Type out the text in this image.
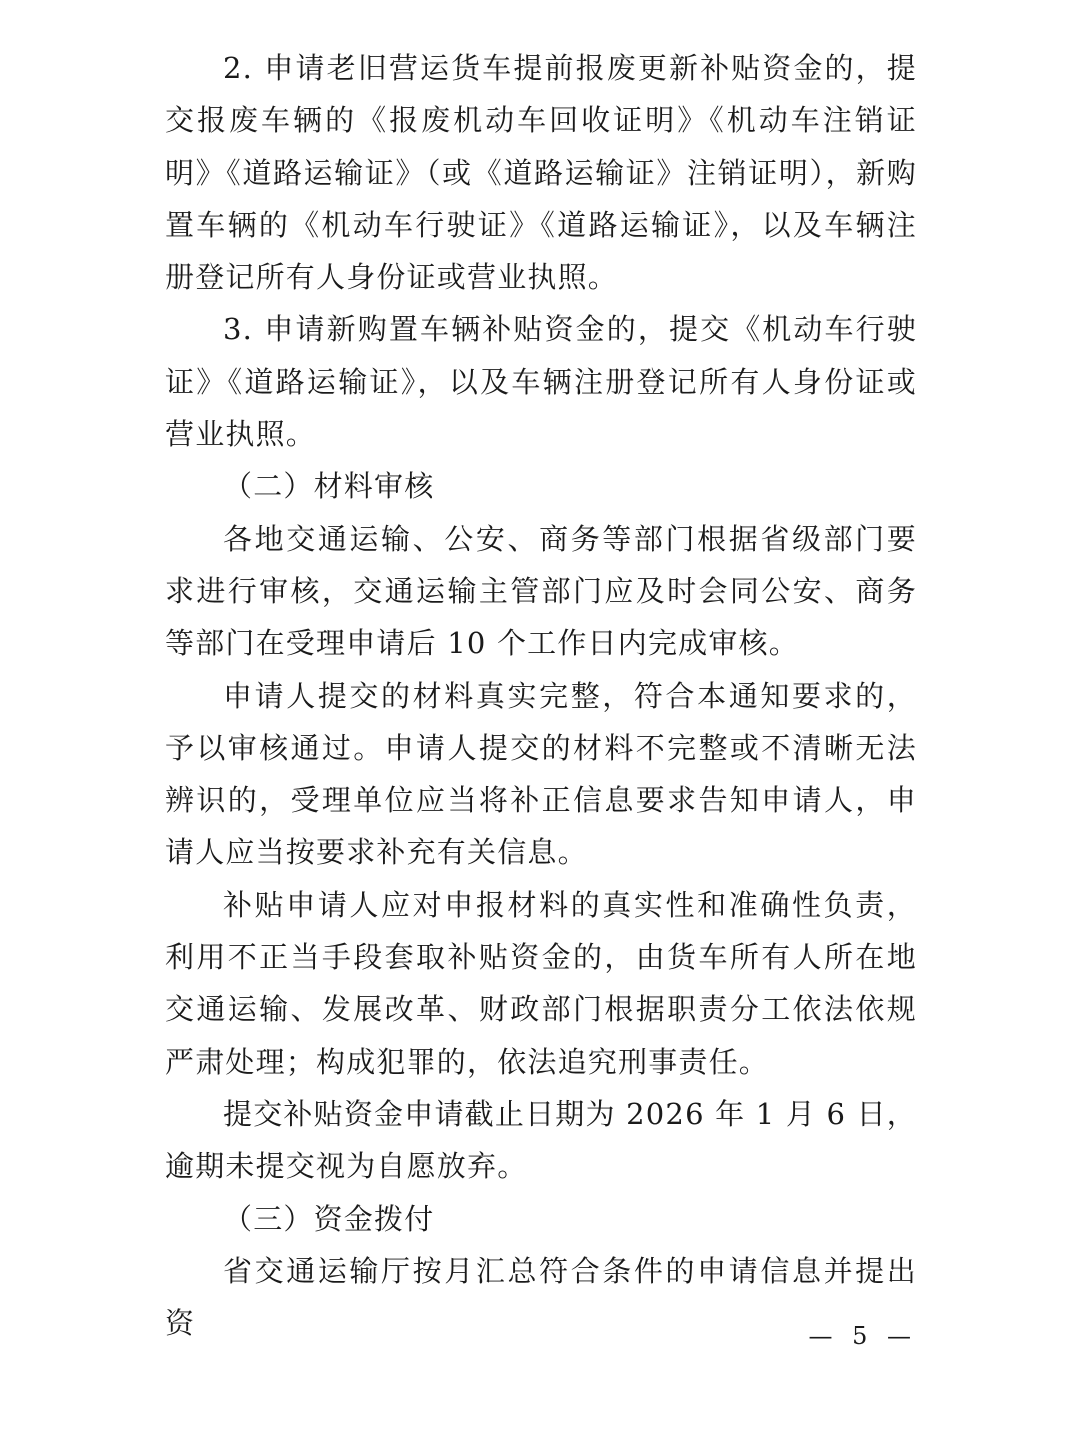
2. 申请老旧营运货车提前报废更新补贴资金的，提交报废车辆的《报废机动车回收证明》《机动车注销证明》《道路运输证》（或《道路运输证》注销证明），新购置车辆的《机动车行驶证》《道路运输证》，以及车辆注册登记所有人身份证或营业执照。

3. 申请新购置车辆补贴资金的，提交《机动车行驶证》《道路运输证》，以及车辆注册登记所有人身份证或营业执照。

（二）材料审核

各地交通运输、公安、商务等部门根据省级部门要求进行审核，交通运输主管部门应及时会同公安、商务等部门在受理申请后 10 个工作日内完成审核。

申请人提交的材料真实完整，符合本通知要求的，予以审核通过。申请人提交的材料不完整或不清晰无法辨识的，受理单位应当将补正信息要求告知申请人，申请人应当按要求补充有关信息。

补贴申请人应对申报材料的真实性和准确性负责，利用不正当手段套取补贴资金的，由货车所有人所在地交通运输、发展改革、财政部门根据职责分工依法依规严肃处理；构成犯罪的，依法追究刑事责任。

提交补贴资金申请截止日期为 2026 年 1 月 6 日，逾期未提交视为自愿放弃。

（三）资金拨付

省交通运输厅按月汇总符合条件的申请信息并提出资	— 5 —
